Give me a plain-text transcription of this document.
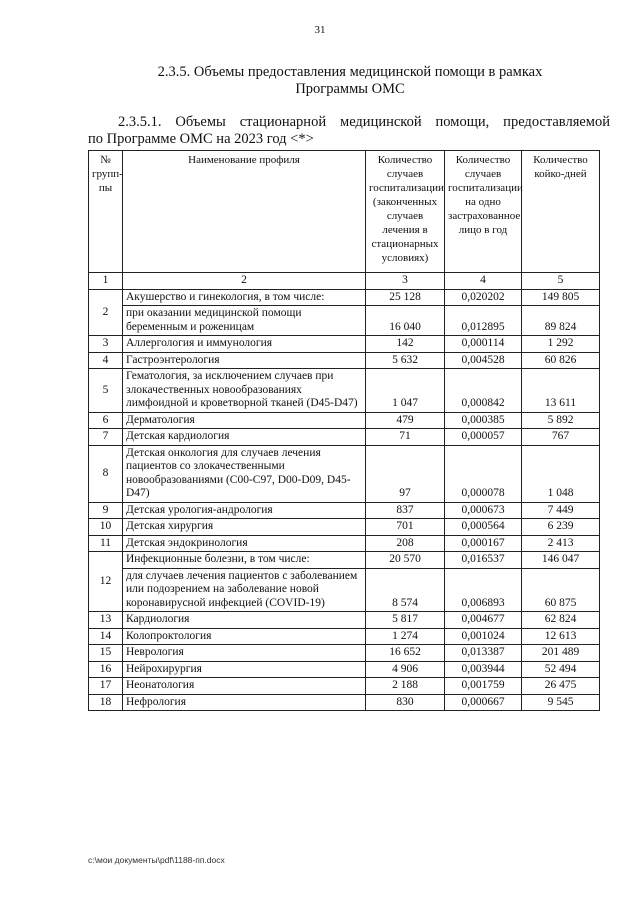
31
2.3.5. Объемы предоставления медицинской помощи в рамках
Программы ОМС
2.3.5.1. Объемы стационарной медицинской помощи, предоставляемой
по Программе ОМС на 2023 год <*>
№ групп-пы	Наименование профиля	Количество случаев госпитализации (законченных случаев лечения в стационарных условиях)	Количество случаев госпитализации на одно застрахованное лицо в год	Количество койко-дней
1	2	3	4	5
2	Акушерство и гинекология, в том числе:	25 128	0,020202	149 805
	при оказании медицинской помощи беременным и роженицам	16 040	0,012895	89 824
3	Аллергология и иммунология	142	0,000114	1 292
4	Гастроэнтерология	5 632	0,004528	60 826
5	Гематология, за исключением случаев при злокачественных новообразованиях лимфоидной и кроветворной тканей (D45-D47)	1 047	0,000842	13 611
6	Дерматология	479	0,000385	5 892
7	Детская кардиология	71	0,000057	767
8	Детская онкология для случаев лечения пациентов со злокачественными новообразованиями (C00-C97, D00-D09, D45-D47)	97	0,000078	1 048
9	Детская урология-андрология	837	0,000673	7 449
10	Детская хирургия	701	0,000564	6 239
11	Детская эндокринология	208	0,000167	2 413
12	Инфекционные болезни, в том числе:	20 570	0,016537	146 047
	для случаев лечения пациентов с заболеванием или подозрением на заболевание новой коронавирусной инфекцией (COVID-19)	8 574	0,006893	60 875
13	Кардиология	5 817	0,004677	62 824
14	Колопроктология	1 274	0,001024	12 613
15	Неврология	16 652	0,013387	201 489
16	Нейрохирургия	4 906	0,003944	52 494
17	Неонатология	2 188	0,001759	26 475
18	Нефрология	830	0,000667	9 545
c:\мои документы\pdf\1188-пп.docx
